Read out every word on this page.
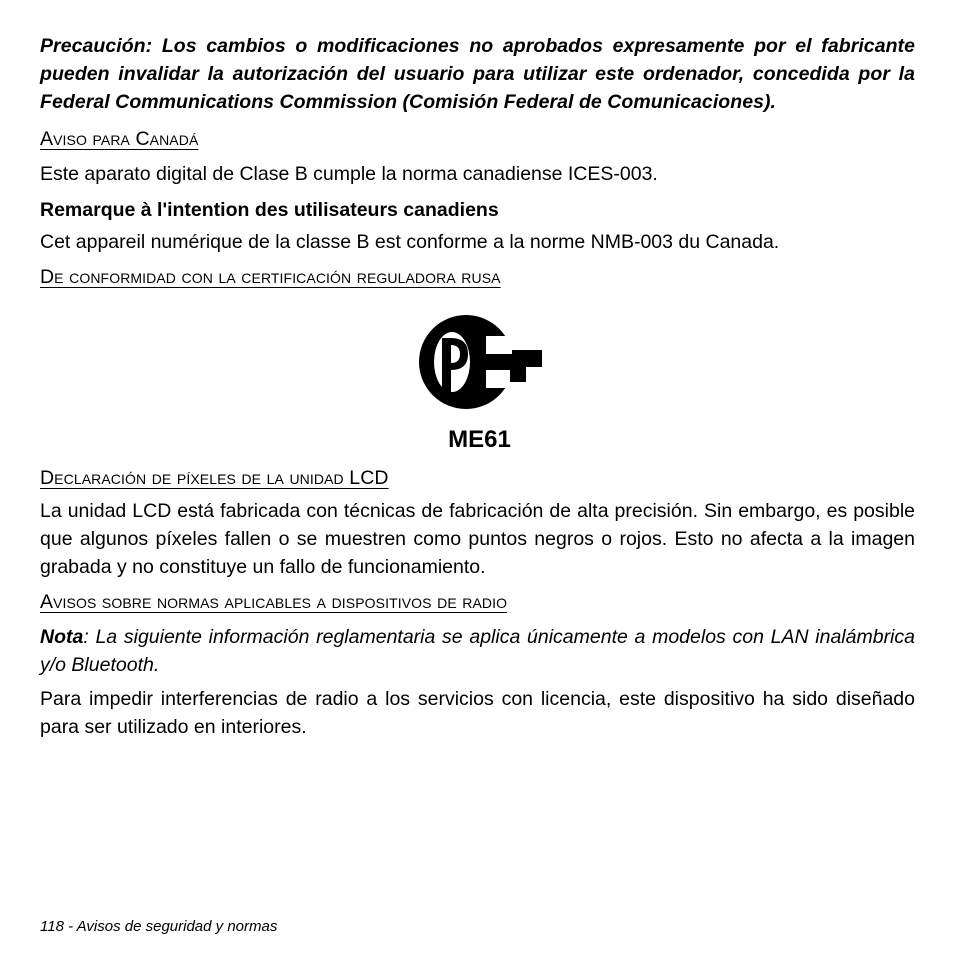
Precaución: Los cambios o modificaciones no aprobados expresamente por el fabricante pueden invalidar la autorización del usuario para utilizar este ordenador, concedida por la Federal Communications Commission (Comisión Federal de Comunicaciones).

Aviso para Canadá

Este aparato digital de Clase B cumple la norma canadiense ICES-003.

Remarque à l'intention des utilisateurs canadiens

Cet appareil numérique de la classe B est conforme a la norme NMB-003 du Canada.

De conformidad con la certificación reguladora rusa

ME61

Declaración de píxeles de la unidad LCD

La unidad LCD está fabricada con técnicas de fabricación de alta precisión. Sin embargo, es posible que algunos píxeles fallen o se muestren como puntos negros o rojos. Esto no afecta a la imagen grabada y no constituye un fallo de funcionamiento.

Avisos sobre normas aplicables a dispositivos de radio

Nota: La siguiente información reglamentaria se aplica únicamente a modelos con LAN inalámbrica y/o Bluetooth.

Para impedir interferencias de radio a los servicios con licencia, este dispositivo ha sido diseñado para ser utilizado en interiores.

118 - Avisos de seguridad y normas
